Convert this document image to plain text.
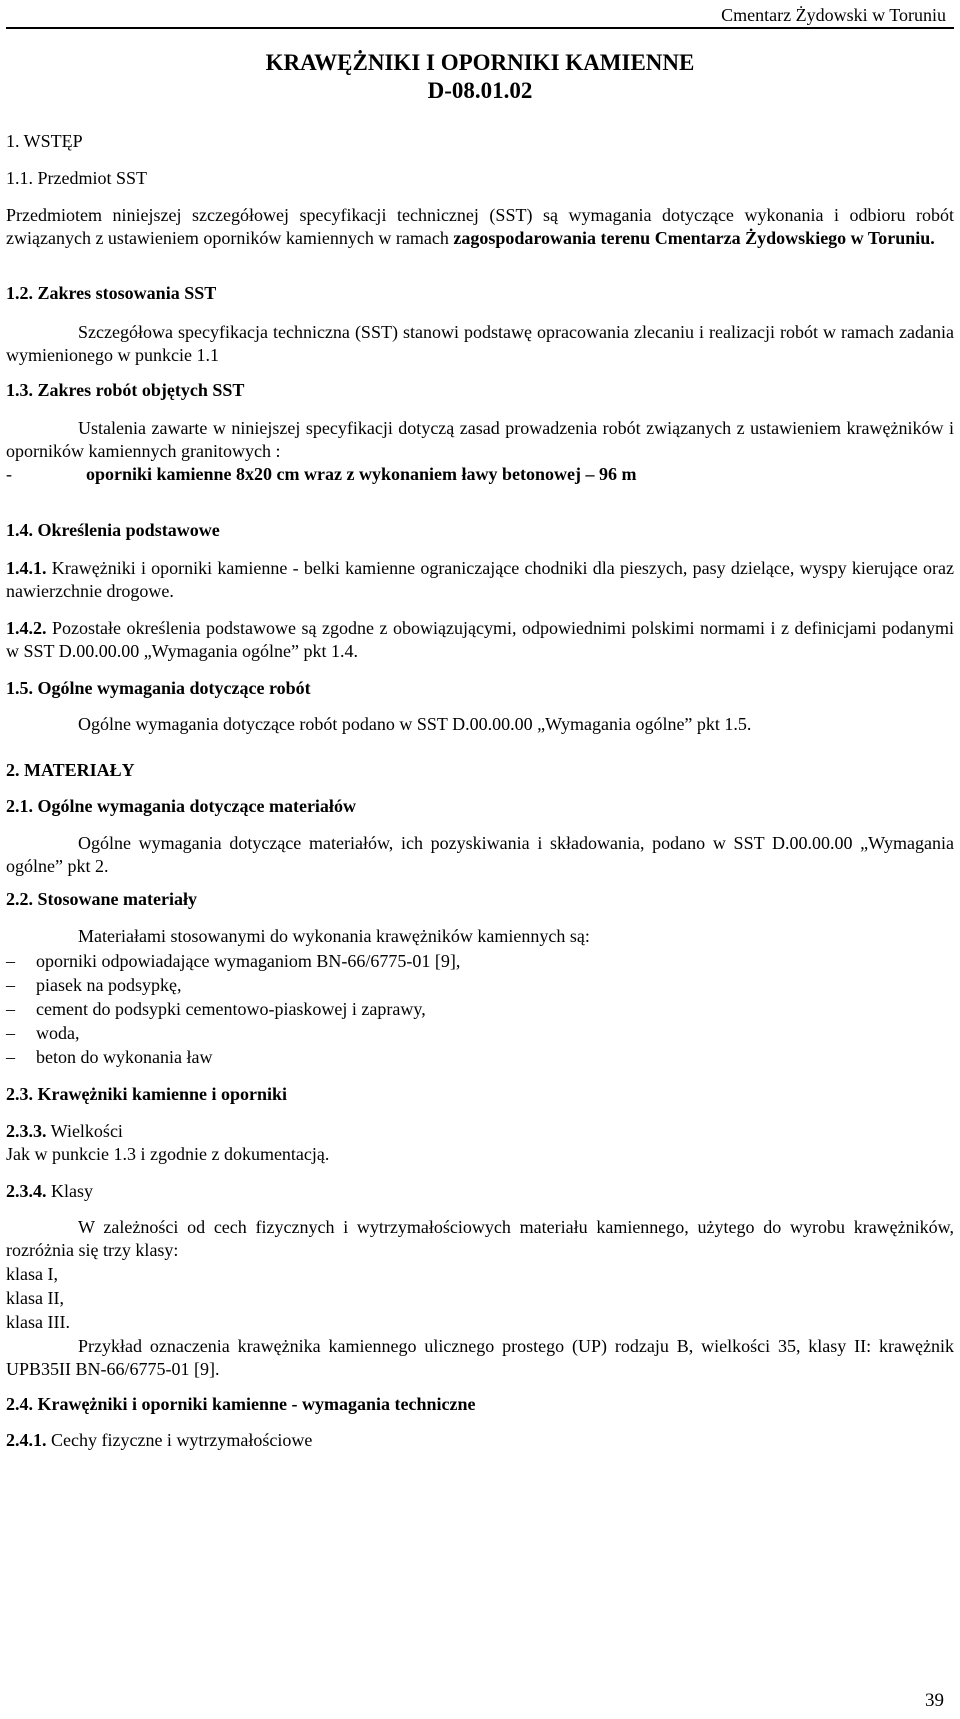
Cmentarz Żydowski w Toruniu
KRAWĘŻNIKI I OPORNIKI KAMIENNE
D-08.01.02
1. WSTĘP
1.1. Przedmiot SST
Przedmiotem niniejszej szczegółowej specyfikacji technicznej (SST) są wymagania dotyczące wykonania i odbioru robót związanych z ustawieniem oporników kamiennych w ramach zagospodarowania terenu Cmentarza Żydowskiego w Toruniu.
1.2. Zakres stosowania SST
Szczegółowa specyfikacja techniczna (SST) stanowi podstawę opracowania zlecaniu i realizacji robót w ramach zadania wymienionego w punkcie 1.1
1.3. Zakres robót objętych SST
Ustalenia zawarte w niniejszej specyfikacji dotyczą zasad prowadzenia robót związanych z ustawieniem krawężników i oporników kamiennych granitowych :
-	oporniki kamienne 8x20 cm wraz z wykonaniem ławy betonowej – 96 m
1.4. Określenia podstawowe
1.4.1. Krawężniki i oporniki kamienne - belki kamienne ograniczające chodniki dla pieszych, pasy dzielące, wyspy kierujące oraz nawierzchnie drogowe.
1.4.2. Pozostałe określenia podstawowe są zgodne z obowiązującymi, odpowiednimi polskimi normami i z definicjami podanymi w SST D.00.00.00 „Wymagania ogólne” pkt 1.4.
1.5. Ogólne wymagania dotyczące robót
Ogólne wymagania dotyczące robót podano w SST D.00.00.00 „Wymagania ogólne” pkt 1.5.
2. MATERIAŁY
2.1. Ogólne wymagania dotyczące materiałów
Ogólne wymagania dotyczące materiałów, ich pozyskiwania i składowania, podano w SST D.00.00.00 „Wymagania ogólne” pkt 2.
2.2. Stosowane materiały
Materiałami stosowanymi do wykonania krawężników kamiennych są:
– oporniki odpowiadające wymaganiom BN-66/6775-01 [9],
– piasek na podsypkę,
– cement do podsypki cementowo-piaskowej i zaprawy,
– woda,
– beton do wykonania ław
2.3. Krawężniki kamienne i oporniki
2.3.3. Wielkości
Jak w punkcie 1.3 i zgodnie z dokumentacją.
2.3.4. Klasy
W zależności od cech fizycznych i wytrzymałościowych materiału kamiennego, użytego do wyrobu krawężników, rozróżnia się trzy klasy:
klasa I,
klasa II,
klasa III.
Przykład oznaczenia krawężnika kamiennego ulicznego prostego (UP) rodzaju B, wielkości 35, klasy II: krawężnik UPB35II BN-66/6775-01 [9].
2.4. Krawężniki i oporniki kamienne - wymagania techniczne
2.4.1. Cechy fizyczne i wytrzymałościowe
39
